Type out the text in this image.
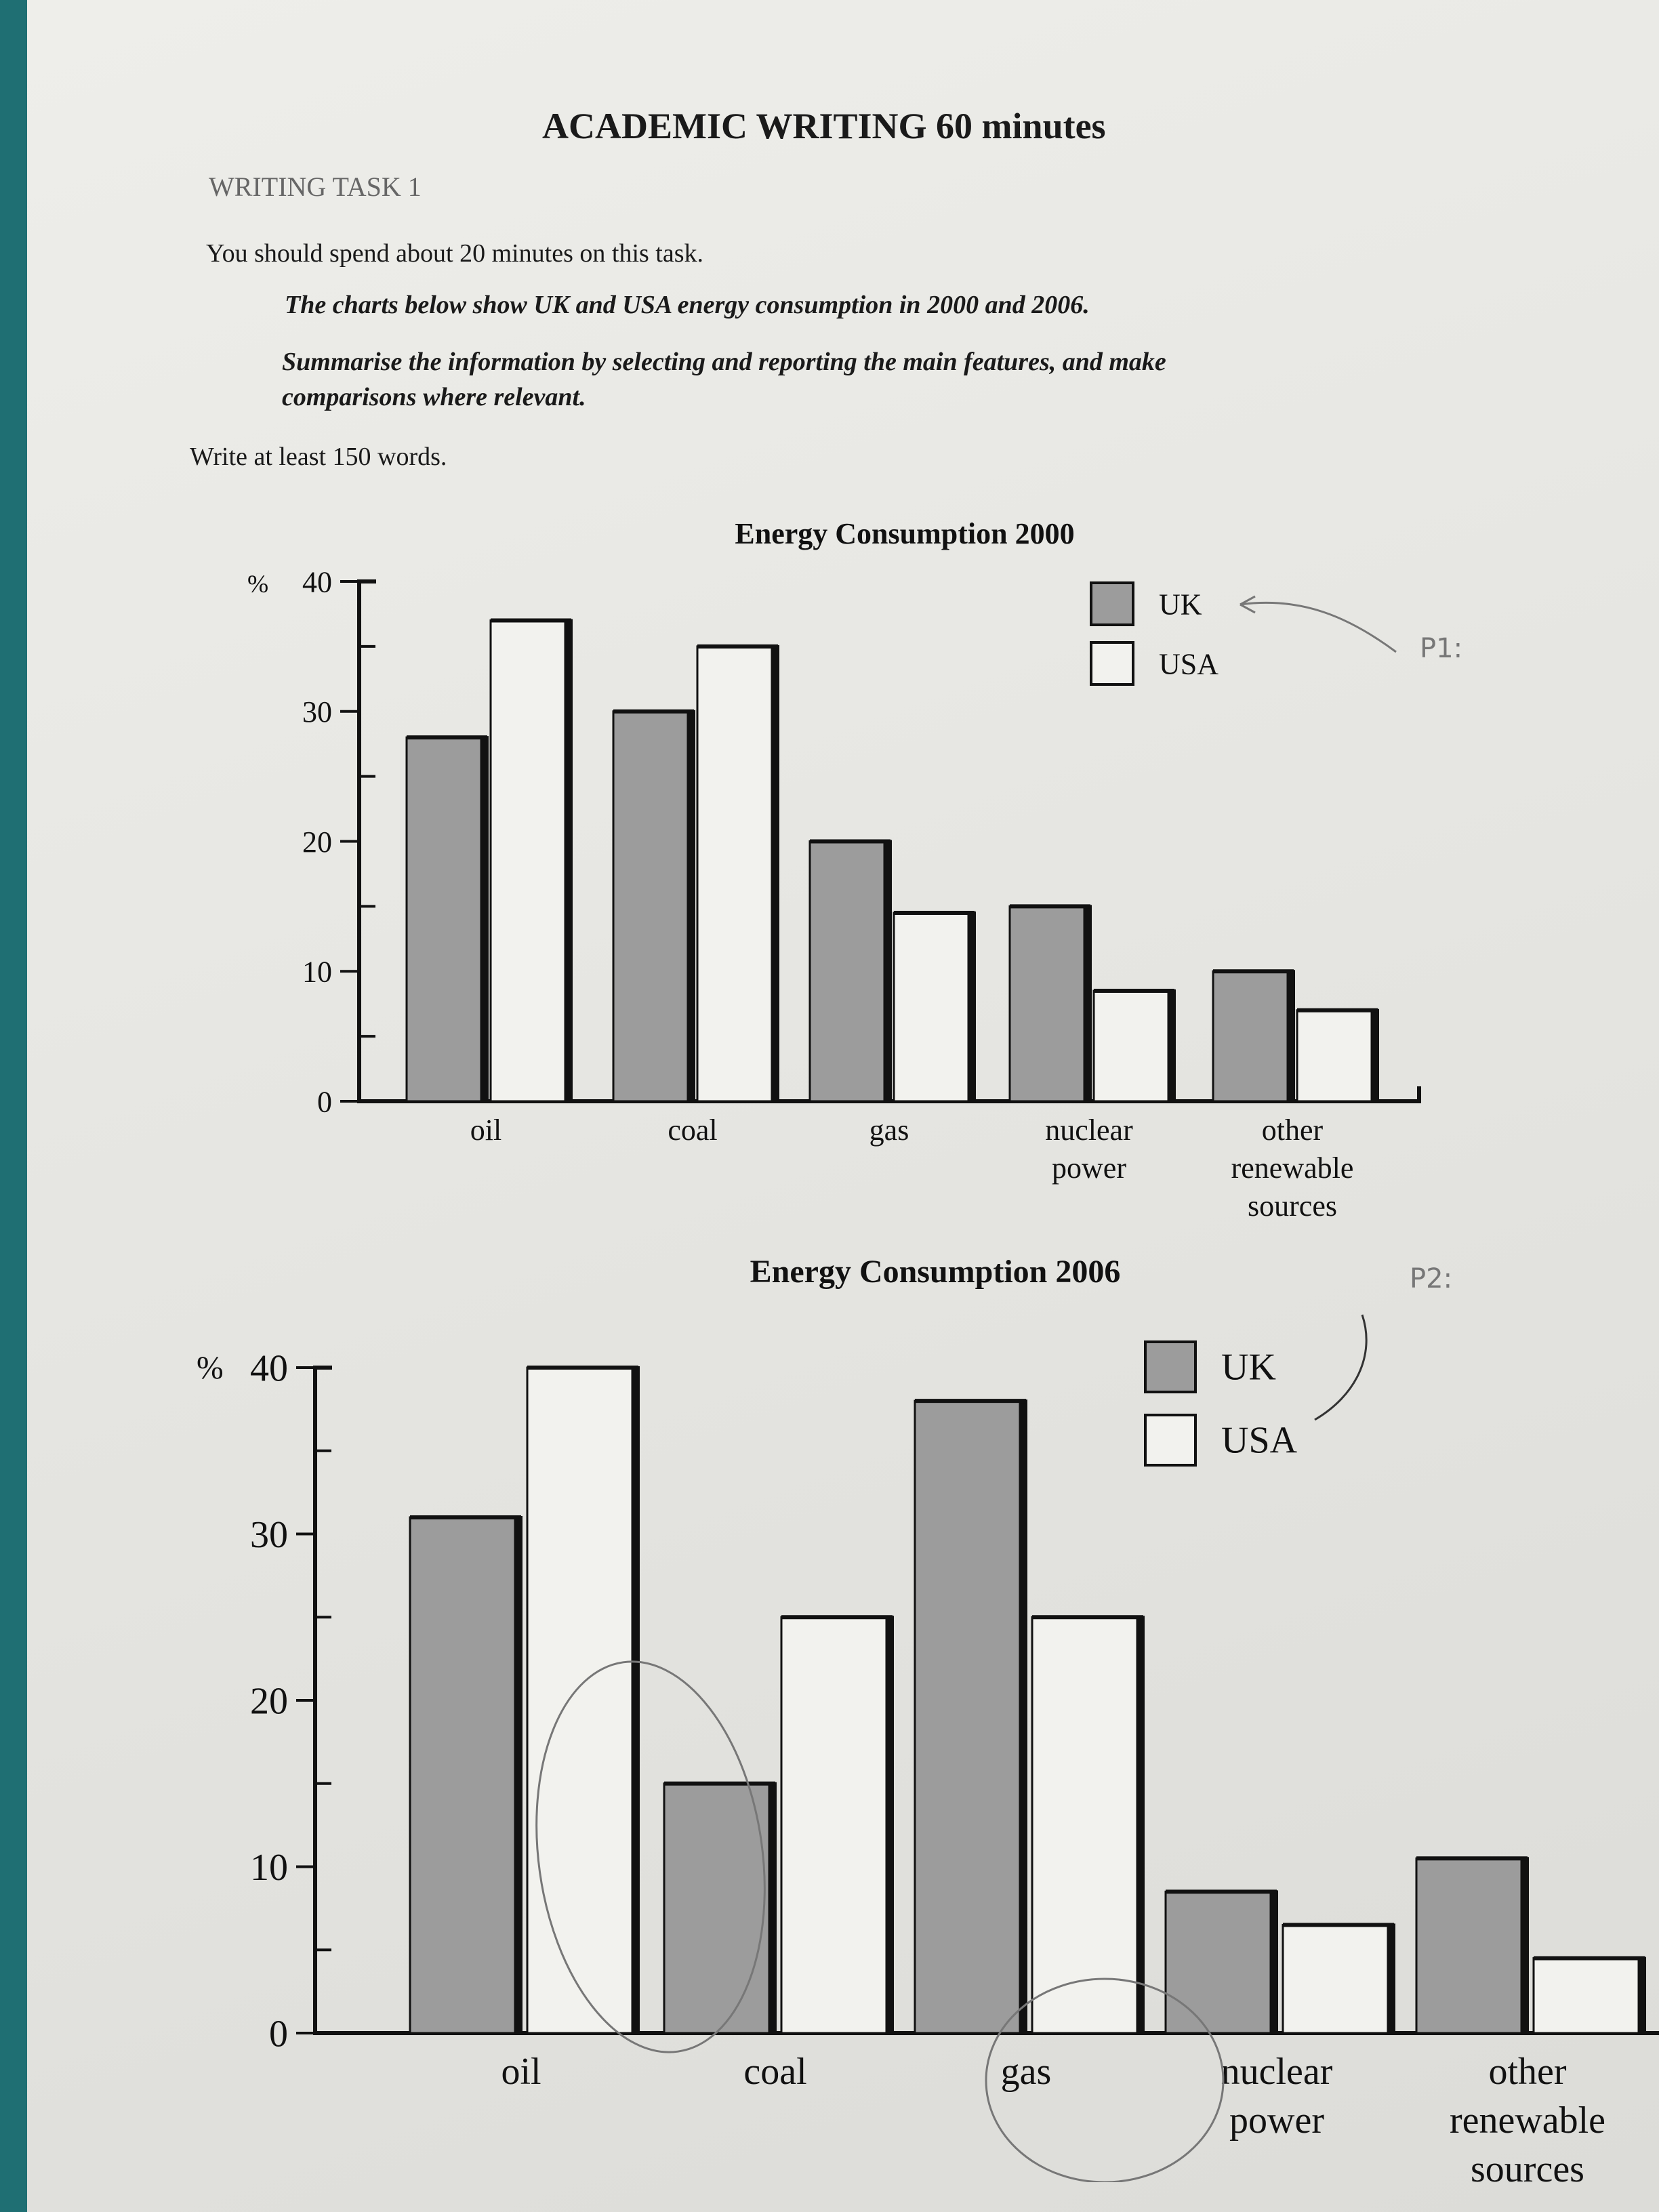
ACADEMIC WRITING 60 minutes
WRITING TASK 1
You should spend about 20 minutes on this task.
The charts below show UK and USA energy consumption in 2000 and 2006.
Summarise the information by selecting and reporting the main features, and make
comparisons where relevant.
Write at least 150 words.
Energy Consumption 2000
%
0
10
20
30
40
oil	coal	gas	nuclear
power
other
renewable
sources
UK
USA	P1:
Energy Consumption 2006
%
0
10
20
30
40
oil	coal	gas	nuclear
power
other
renewable
sources
UK
USA
P2:
